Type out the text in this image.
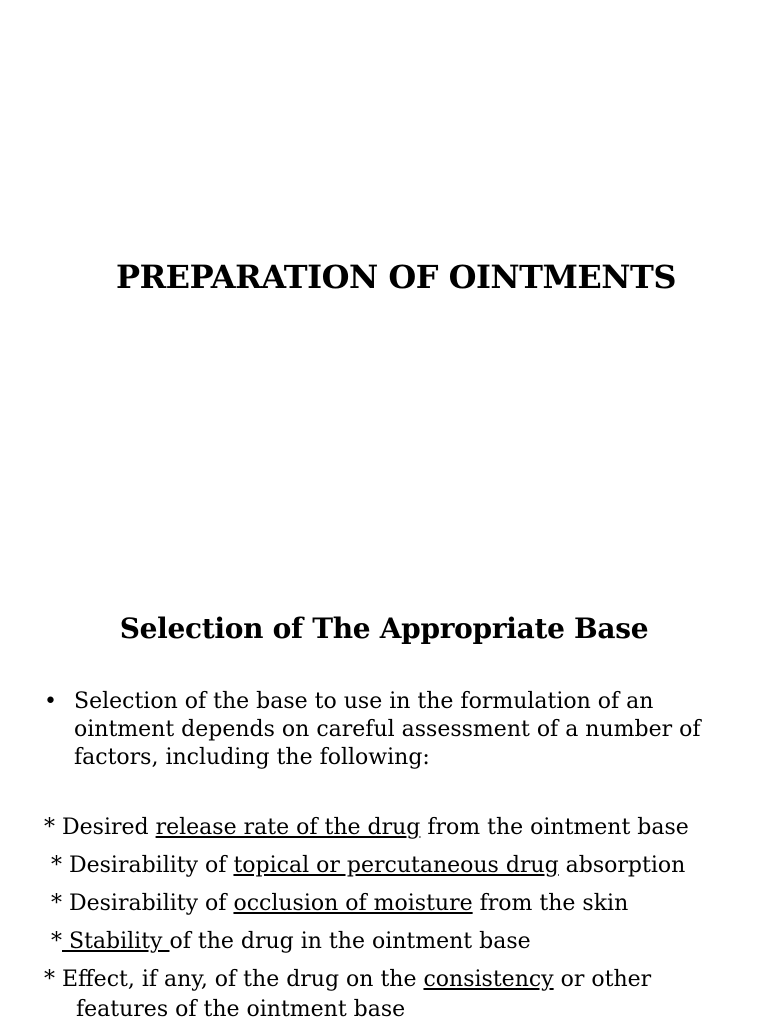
PREPARATION OF OINTMENTS
Selection of The Appropriate Base
• Selection of the base to use in the formulation of an ointment depends on careful assessment of a number of factors, including the following:
* Desired release rate of the drug from the ointment base
* Desirability of topical or percutaneous drug absorption
* Desirability of occlusion of moisture from the skin
* Stability of the drug in the ointment base
* Effect, if any, of the drug on the consistency or other
features of the ointment base
